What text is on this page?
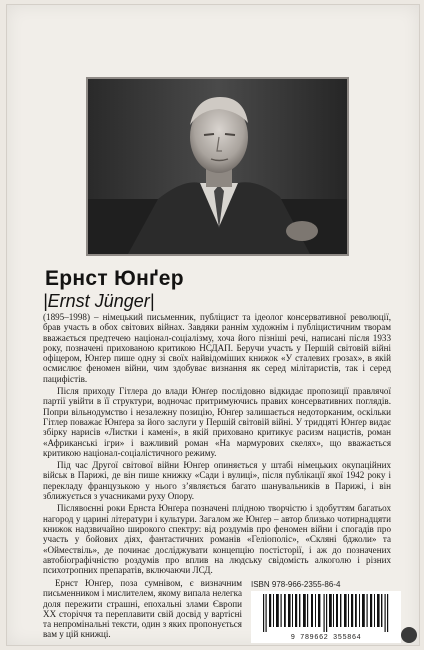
Ернст Юнґер
|Ernst Jünger|

(1895–1998) – німецький письменник, публіцист та ідеолог консервативної революції, брав участь в обох світових війнах. Завдяки раннім художнім і публіцистичним творам вважається предтечею націонал-соціалізму, хоча його пізніші речі, написані після 1933 року, позначені прихованою критикою НСДАП. Беручи участь у Першій світовій війні офіцером, Юнґер пише одну зі своїх найвідоміших книжок «У сталевих грозах», в якій осмислює феномен війни, чим здобуває визнання як серед мілітаристів, так і серед пацифістів.

Після приходу Гітлера до влади Юнґер послідовно відкидає пропозиції правлячої партії увійти в її структури, водночас притримуючись правих консервативних поглядів. Попри вільнодумство і незалежну позицію, Юнґер залишається недоторканим, оскільки Гітлер поважає Юнґера за його заслуги у Першій світовій війні. У тридцяті Юнґер видає збірку нарисів «Листки і камені», в якій приховано критикує расизм нацистів, роман «Африканські ігри» і важливий роман «На мармурових скелях», що вважається критикою націонал-соціалістичного режиму.

Під час Другої світової війни Юнґер опиняється у штабі німецьких окупаційних військ в Парижі, де він пише книжку «Сади і вулиці», після публікації якої 1942 року і перекладу французькою у нього з’являється багато шанувальників в Парижі, і він зближується з учасниками руху Опору.

Післявоєнні роки Ернста Юнґера позначені плідною творчістю і здобуттям багатьох нагород у царині літератури і культури. Загалом же Юнґер – автор близько чотирнадцяти книжок надзвичайно широкого спектру: від роздумів про феномен війни і спогадів про участь у бойових діях, фантастичних романів «Геліополіс», «Скляні бджоли» та «Оймествіль», де починає досліджувати концепцію постісторії, і аж до позначених автобіографічністю роздумів про вплив на людську свідомість алкоголю і різних психотропних препаратів, включаючи ЛСД.

Ернст Юнґер, поза сумнівом, є визначним письменником і мислителем, якому випала нелегка доля пережити страшні, епохальні злами Європи XX сторіччя та переплавити свій досвід у вартісні та непромінальні тексти, один з яких пропонується вам у цій книжці.
ISBN 978-966-2355-86-4
9 789662 355864
